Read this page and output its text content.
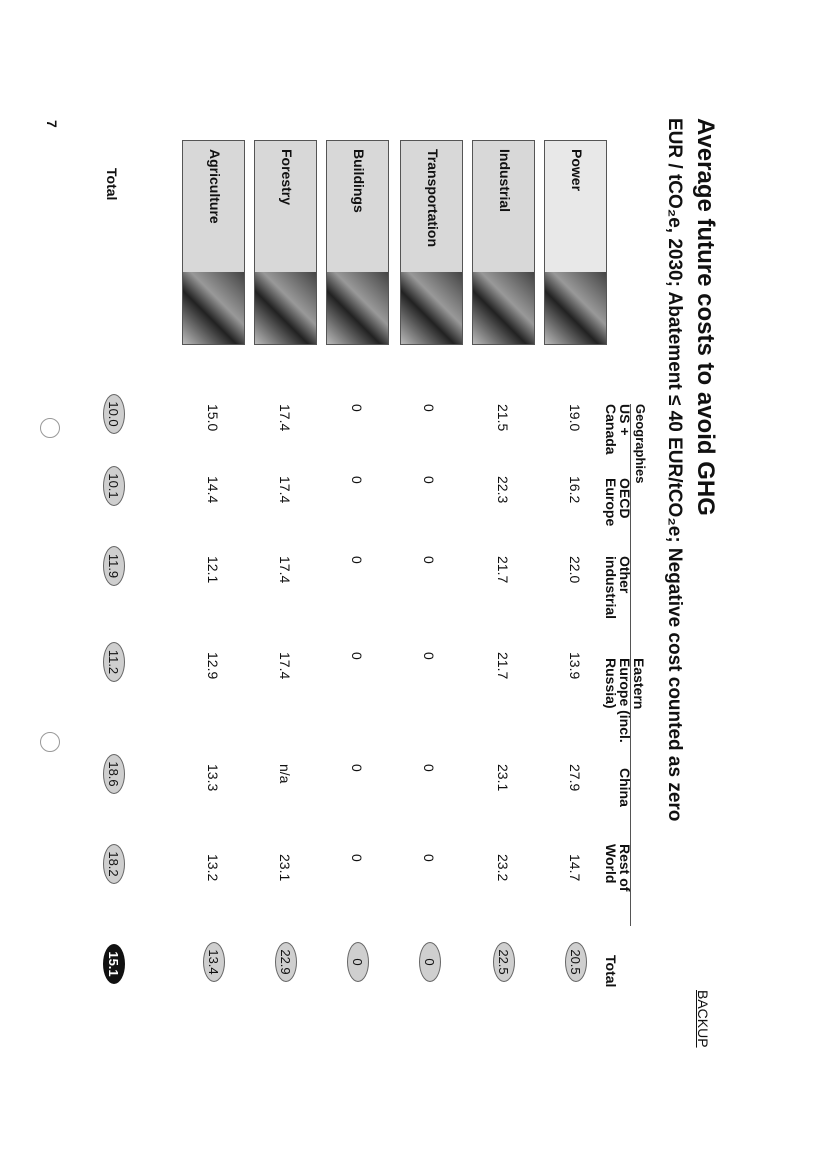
Average future costs to avoid GHG
EUR / tCO₂e, 2030; Abatement ≤ 40 EUR/tCO₂e; Negative cost counted as zero
BACKUP
7
Geographies
US + Canada
OECD Europe
Other industrial
Eastern Europe (incl. Russia)
China
Rest of World
Total
Power
Industrial
Transportation
Buildings
Forestry
Agriculture
Total
19.0
16.2
22.0
13.9
27.9
14.7
20.5
21.5
22.3
21.7
21.7
23.1
23.2
22.5
0
0
0
0
0
0
0
0
0
0
0
0
0
0
17.4
17.4
17.4
17.4
n/a
23.1
22.9
15.0
14.4
12.1
12.9
13.3
13.2
13.4
10.0
10.1
11.9
11.2
18.6
18.2
15.1
